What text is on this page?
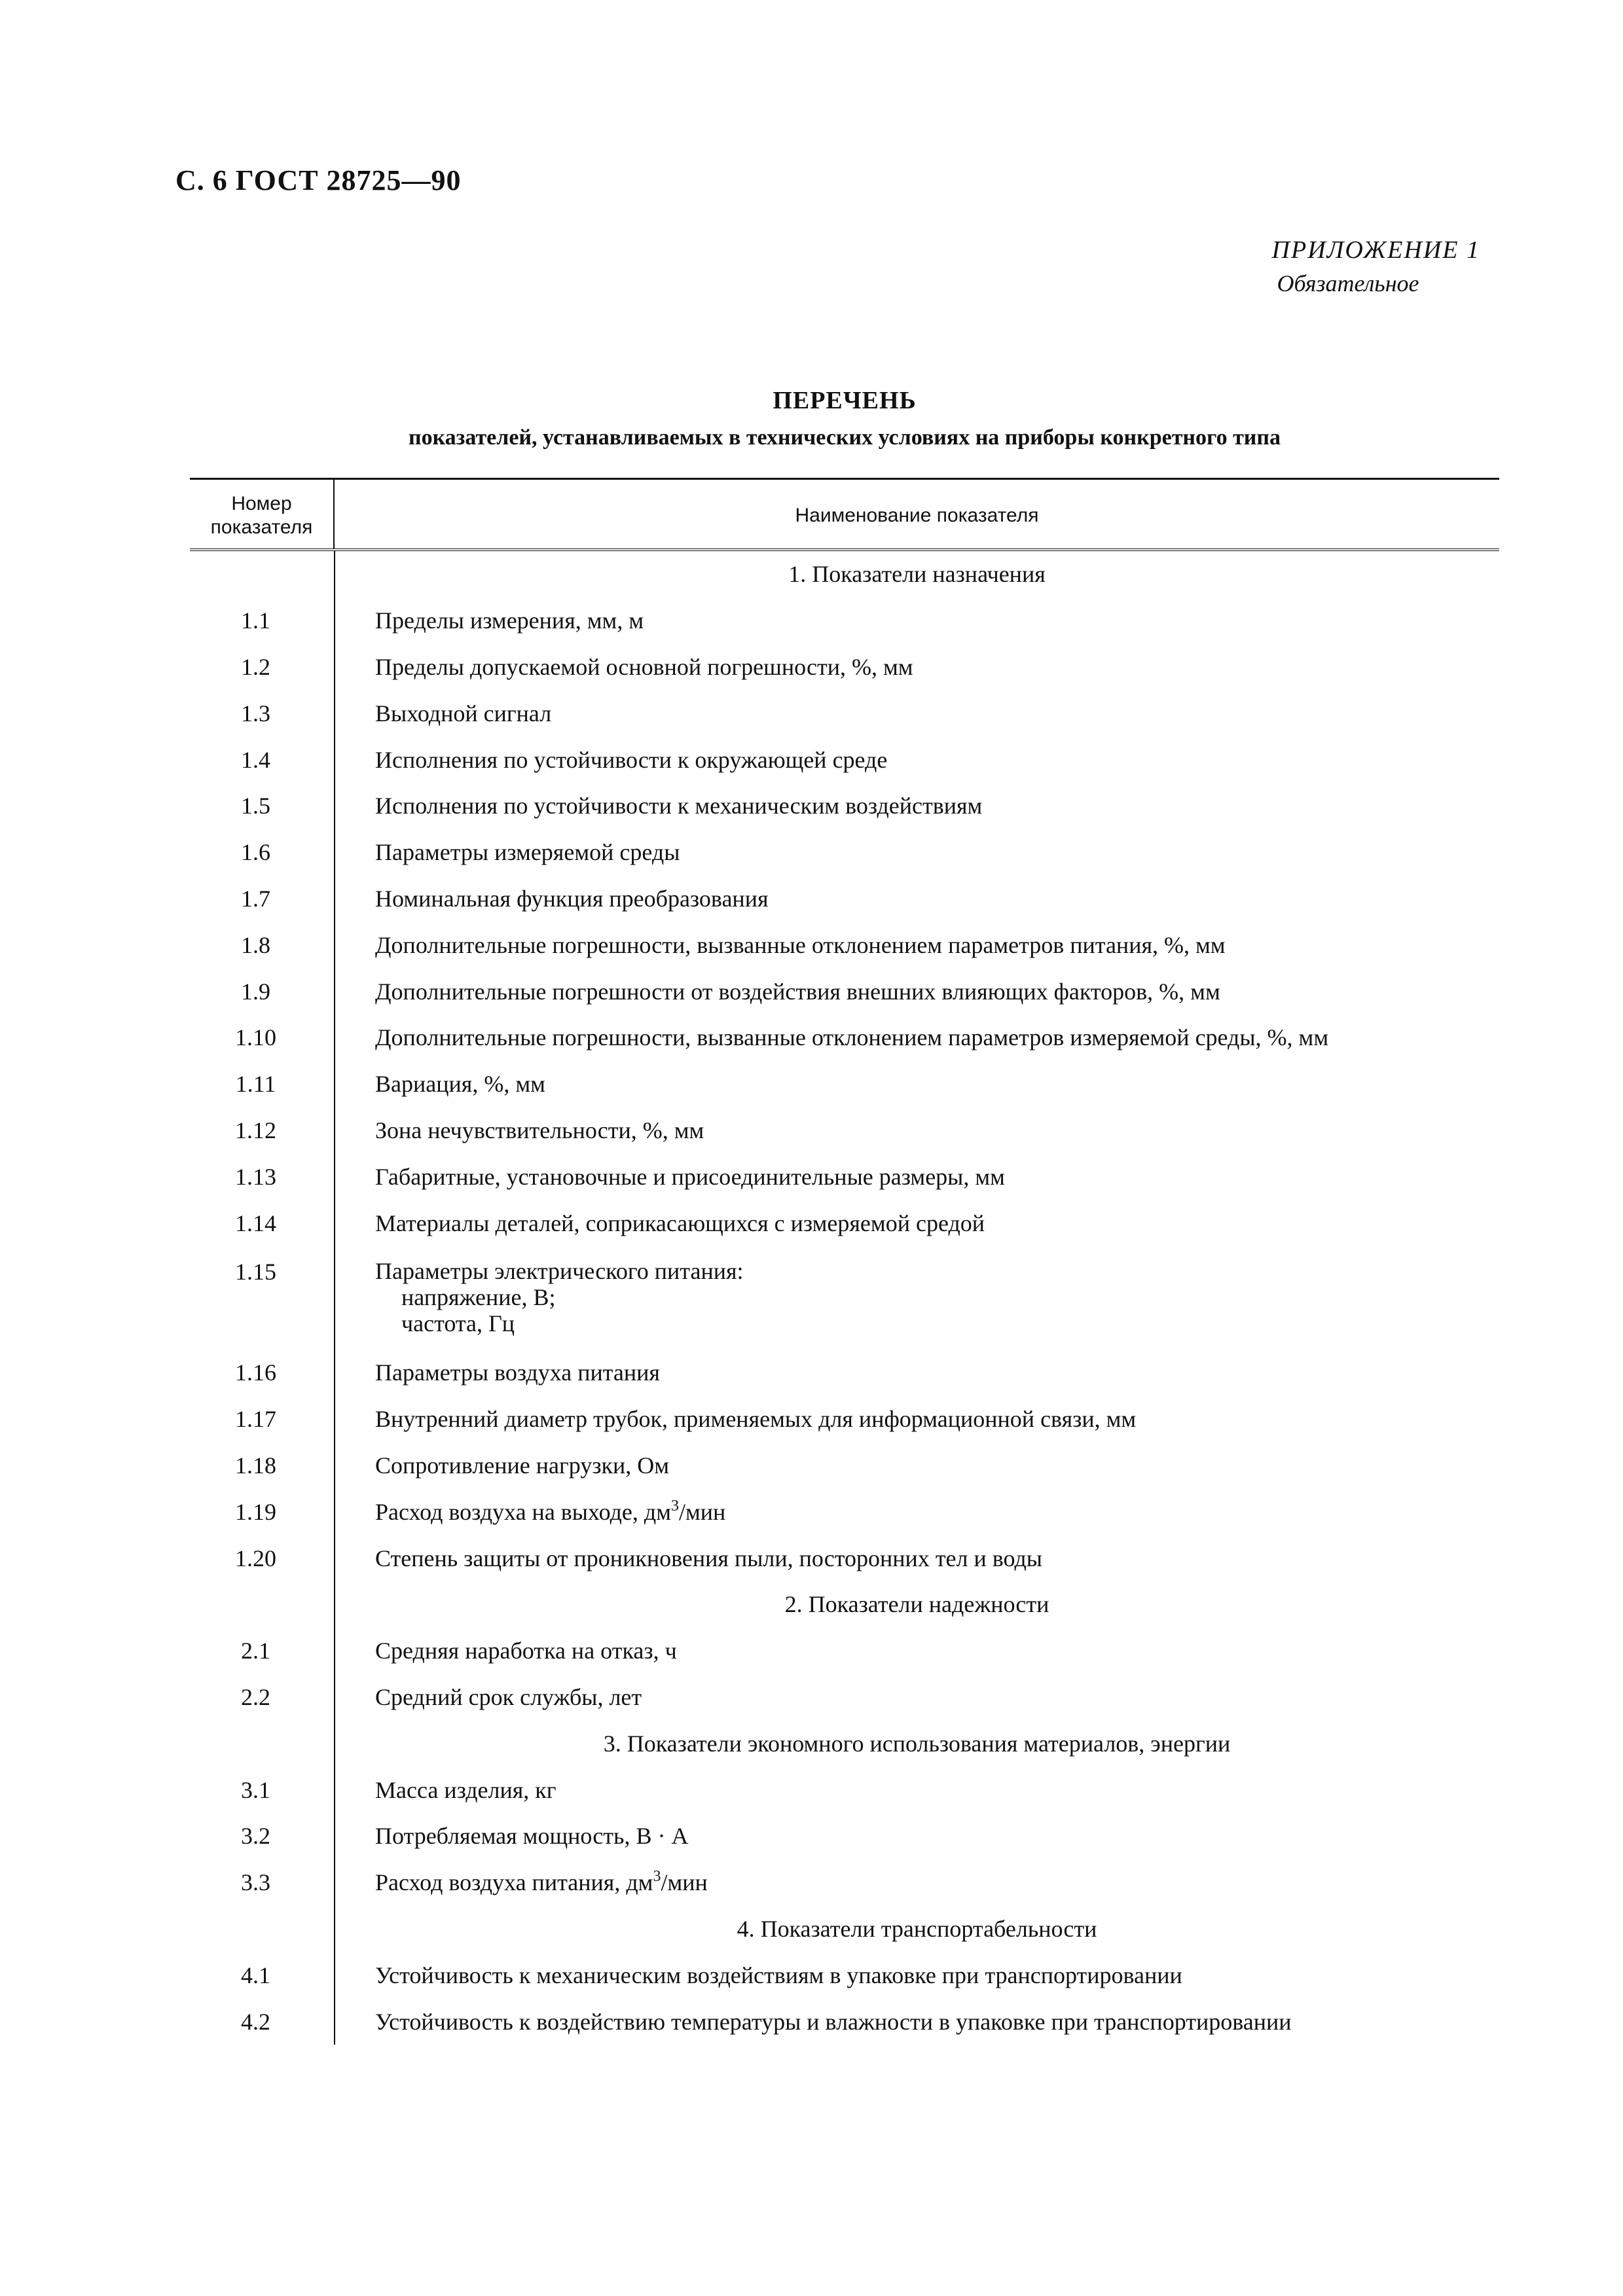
С. 6 ГОСТ 28725—90
ПРИЛОЖЕНИЕ 1
Обязательное
ПЕРЕЧЕНЬ
показателей, устанавливаемых в технических условиях на приборы конкретного типа
Номер показателя
Наименование показателя
1. Показатели назначения
1.1	Пределы измерения, мм, м
1.2	Пределы допускаемой основной погрешности, %, мм
1.3	Выходной сигнал
1.4	Исполнения по устойчивости к окружающей среде
1.5	Исполнения по устойчивости к механическим воздействиям
1.6	Параметры измеряемой среды
1.7	Номинальная функция преобразования
1.8	Дополнительные погрешности, вызванные отклонением параметров питания, %, мм
1.9	Дополнительные погрешности от воздействия внешних влияющих факторов, %, мм
1.10	Дополнительные погрешности, вызванные отклонением параметров измеряемой среды, %, мм
1.11	Вариация, %, мм
1.12	Зона нечувствительности, %, мм
1.13	Габаритные, установочные и присоединительные размеры, мм
1.14	Материалы деталей, соприкасающихся с измеряемой средой
1.15	Параметры электрического питания:
напряжение, В;
частота, Гц
1.16	Параметры воздуха питания
1.17	Внутренний диаметр трубок, применяемых для информационной связи, мм
1.18	Сопротивление нагрузки, Ом
1.19	Расход воздуха на выходе, $дм^3$/мин
1.20	Степень защиты от проникновения пыли, посторонних тел и воды
2. Показатели надежности
2.1	Средняя наработка на отказ, ч
2.2	Средний срок службы, лет
3. Показатели экономного использования материалов, энергии
3.1	Масса изделия, кг
3.2	Потребляемая мощность, В · А
3.3	Расход воздуха питания, $дм^3$/мин
4. Показатели транспортабельности
4.1	Устойчивость к механическим воздействиям в упаковке при транспортировании
4.2	Устойчивость к воздействию температуры и влажности в упаковке при транспортировании
